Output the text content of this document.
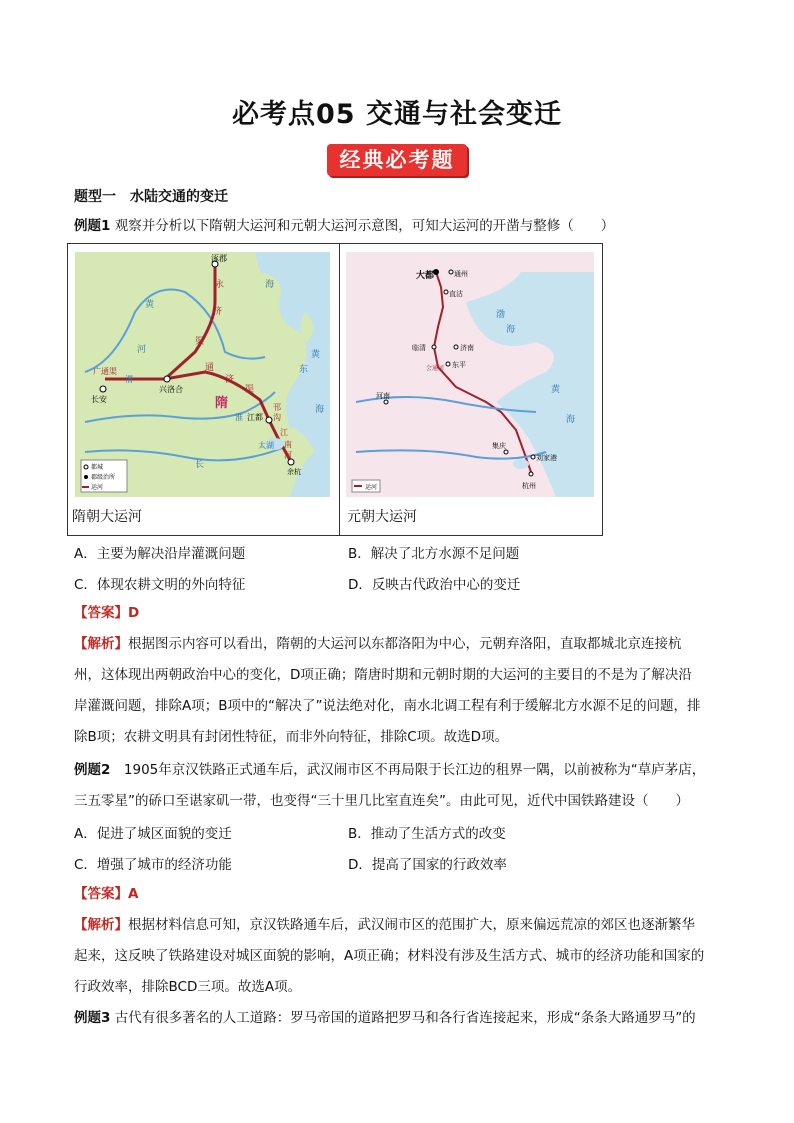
必考点05 交通与社会变迁
经典必考题
题型一　水陆交通的变迁
例题1 观察并分析以下隋朝大运河和元朝大运河示意图，可知大运河的开凿与整修（　　）
涿郡
永
济
渠
黄
河
通
济
渠
广通渠
兴洛合
长安	隋
江都
邗
沟
江
南
河
渭
淮
长
太湖
余杭
海
东
黄
海
都城
郡级治所
运河
大都	通州
直沽
临清	济南
东平
会通河
河南
集庆
刘家港
杭州
渤
海
黄
海
运河
隋朝大运河	元朝大运河
A．主要为解决沿岸灌溉问题	B．解决了北方水源不足问题
C．体现农耕文明的外向特征	D．反映古代政治中心的变迁
【答案】D
【解析】根据图示内容可以看出，隋朝的大运河以东都洛阳为中心，元朝弃洛阳，直取都城北京连接杭
州，这体现出两朝政治中心的变化，D项正确；隋唐时期和元朝时期的大运河的主要目的不是为了解决沿
岸灌溉问题，排除A项；B项中的“解决了”说法绝对化，南水北调工程有利于缓解北方水源不足的问题，排
除B项；农耕文明具有封闭性特征，而非外向特征，排除C项。故选D项。
例题2　1905年京汉铁路正式通车后，武汉闹市区不再局限于长江边的租界一隅，以前被称为“草庐茅店，
三五零星”的硚口至谌家矶一带，也变得“三十里几比室直连矣”。由此可见，近代中国铁路建设（　　）
A．促进了城区面貌的变迁	B．推动了生活方式的改变
C．增强了城市的经济功能	D．提高了国家的行政效率
【答案】A
【解析】根据材料信息可知，京汉铁路通车后，武汉闹市区的范围扩大，原来偏远荒凉的郊区也逐渐繁华
起来，这反映了铁路建设对城区面貌的影响，A项正确；材料没有涉及生活方式、城市的经济功能和国家的
行政效率，排除BCD三项。故选A项。
例题3 古代有很多著名的人工道路：罗马帝国的道路把罗马和各行省连接起来，形成“条条大路通罗马”的
